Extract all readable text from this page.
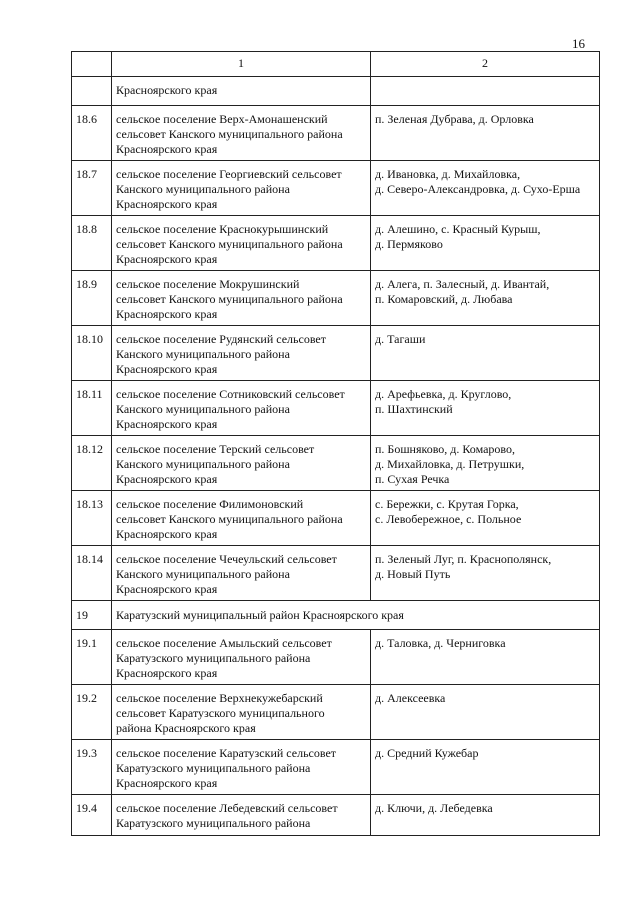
16
	1	2
	Красноярского края	
18.6	сельское поселение Верх-Амонашенский
сельсовет Канского муниципального района
Красноярского края	п. Зеленая Дубрава, д. Орловка

18.7	сельское поселение Георгиевский сельсовет
Канского муниципального района
Красноярского края	д. Ивановка, д. Михайловка,
д. Северо-Александровка, д. Сухо-Ерша

18.8	сельское поселение Краснокурышинский
сельсовет Канского муниципального района
Красноярского края	д. Алешино, с. Красный Курыш,
д. Пермяково

18.9	сельское поселение Мокрушинский
сельсовет Канского муниципального района
Красноярского края	д. Алега, п. Залесный, д. Ивантай,
п. Комаровский, д. Любава

18.10	сельское поселение Рудянский сельсовет
Канского муниципального района
Красноярского края	д. Тагаши

18.11	сельское поселение Сотниковский сельсовет
Канского муниципального района
Красноярского края	д. Арефьевка, д. Круглово,
п. Шахтинский

18.12	сельское поселение Терский сельсовет
Канского муниципального района
Красноярского края	п. Бошняково, д. Комарово,
д. Михайловка, д. Петрушки,
п. Сухая Речка

18.13	сельское поселение Филимоновский
сельсовет Канского муниципального района
Красноярского края	с. Бережки, с. Крутая Горка,
с. Левобережное, с. Польное

18.14	сельское поселение Чечеульский сельсовет
Канского муниципального района
Красноярского края	п. Зеленый Луг, п. Краснополянск,
д. Новый Путь

19	Каратузский муниципальный район Красноярского края	
19.1	сельское поселение Амыльский сельсовет
Каратузского муниципального района
Красноярского края	д. Таловка, д. Черниговка

19.2	сельское поселение Верхнекужебарский
сельсовет Каратузского муниципального
района Красноярского края	д. Алексеевка

19.3	сельское поселение Каратузский сельсовет
Каратузского муниципального района
Красноярского края	д. Средний Кужебар

19.4	сельское поселение Лебедевский сельсовет
Каратузского муниципального района	д. Ключи, д. Лебедевка
